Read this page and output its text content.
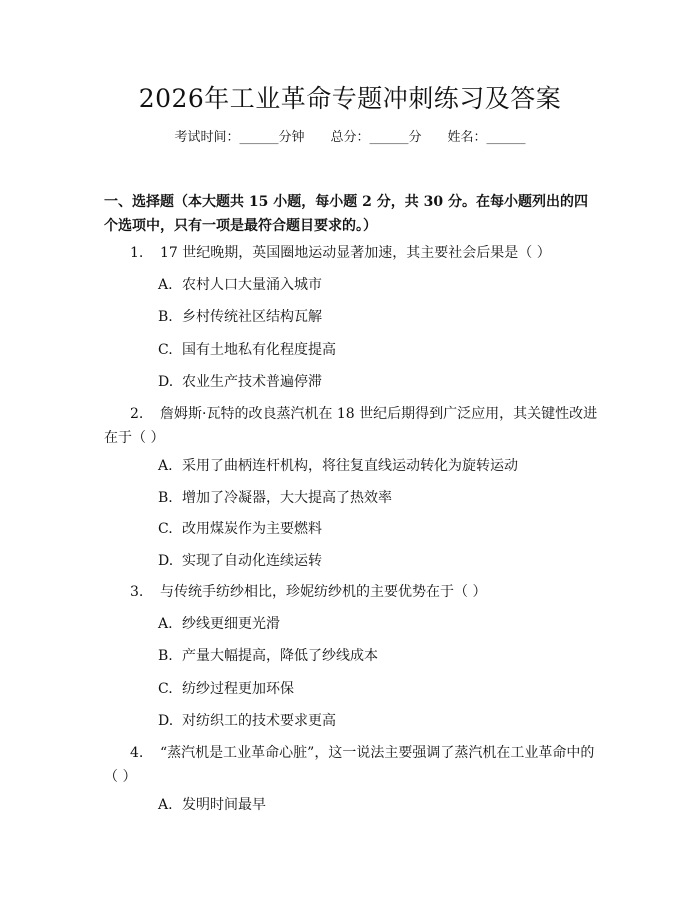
2026年工业革命专题冲刺练习及答案
考试时间：______分钟 总分：______分 姓名：______
一、选择题（本大题共 15 小题，每小题 2 分，共 30 分。在每小题列出的四个选项中，只有一项是最符合题目要求的。）
1. 17 世纪晚期，英国圈地运动显著加速，其主要社会后果是（ ）
A. 农村人口大量涌入城市
B. 乡村传统社区结构瓦解
C. 国有土地私有化程度提高
D. 农业生产技术普遍停滞
2. 詹姆斯·瓦特的改良蒸汽机在 18 世纪后期得到广泛应用，其关键性改进在于（ ）
A. 采用了曲柄连杆机构，将往复直线运动转化为旋转运动
B. 增加了冷凝器，大大提高了热效率
C. 改用煤炭作为主要燃料
D. 实现了自动化连续运转
3. 与传统手纺纱相比，珍妮纺纱机的主要优势在于（ ）
A. 纱线更细更光滑
B. 产量大幅提高，降低了纱线成本
C. 纺纱过程更加环保
D. 对纺织工的技术要求更高
4. “蒸汽机是工业革命心脏”，这一说法主要强调了蒸汽机在工业革命中的（ ）
A. 发明时间最早
